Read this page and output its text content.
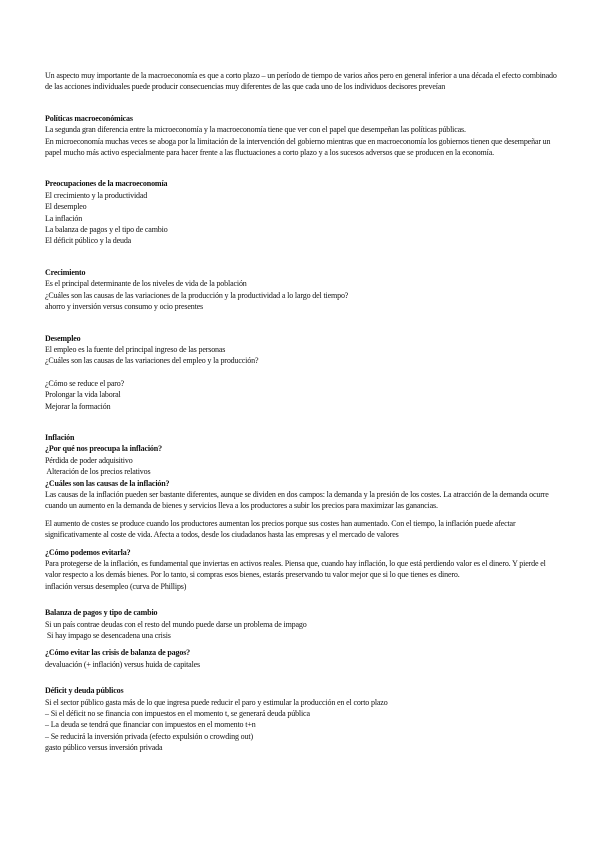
Un aspecto muy importante de la macroeconomía es que a corto plazo – un período de tiempo de varios años pero en general inferior a una década el efecto combinado de las acciones individuales puede producir consecuencias muy diferentes de las que cada uno de los individuos decisores preveían

Políticas macroeconómicas

La segunda gran diferencia entre la microeconomía y la macroeconomía tiene que ver con el papel que desempeñan las políticas públicas.

En microeconomía muchas veces se aboga por la limitación de la intervención del gobierno mientras que en macroeconomía los gobiernos tienen que desempeñar un papel mucho más activo especialmente para hacer frente a las fluctuaciones a corto plazo y a los sucesos adversos que se producen en la economía.

Preocupaciones de la macroeconomía

El crecimiento y la productividad

El desempleo

La inflación

La balanza de pagos y el tipo de cambio

El déficit público y la deuda

Crecimiento

Es el principal determinante de los niveles de vida de la población

¿Cuáles son las causas de las variaciones de la producción y la productividad a lo largo del tiempo?

ahorro y inversión versus consumo y ocio presentes

Desempleo

El empleo es la fuente del principal ingreso de las personas

¿Cuáles son las causas de las variaciones del empleo y la producción?

¿Cómo se reduce el paro?

Prolongar la vida laboral

Mejorar la formación

Inflación

¿Por qué nos preocupa la inflación?

Pérdida de poder adquisitivo

Alteración de los precios relativos

¿Cuáles son las causas de la inflación?

Las causas de la inflación pueden ser bastante diferentes, aunque se dividen en dos campos: la demanda y la presión de los costes. La atracción de la demanda ocurre cuando un aumento en la demanda de bienes y servicios lleva a los productores a subir los precios para maximizar las ganancias.

El aumento de costes se produce cuando los productores aumentan los precios porque sus costes han aumentado. Con el tiempo, la inflación puede afectar significativamente al coste de vida. Afecta a todos, desde los ciudadanos hasta las empresas y el mercado de valores

¿Cómo podemos evitarla?

Para protegerse de la inflación, es fundamental que inviertas en activos reales. Piensa que, cuando hay inflación, lo que está perdiendo valor es el dinero. Y pierde el valor respecto a los demás bienes. Por lo tanto, si compras esos bienes, estarás preservando tu valor mejor que si lo que tienes es dinero.

inflación versus desempleo (curva de Phillips)

Balanza de pagos y tipo de cambio

Si un país contrae deudas con el resto del mundo puede darse un problema de impago

Si hay impago se desencadena una crisis

¿Cómo evitar las crisis de balanza de pagos?

devaluación (+ inflación) versus huida de capitales

Déficit y deuda públicos

Si el sector público gasta más de lo que ingresa puede reducir el paro y estimular la producción en el corto plazo

– Si el déficit no se financia con impuestos en el momento t, se generará deuda pública

– La deuda se tendrá que financiar con impuestos en el momento t+n

– Se reducirá la inversión privada (efecto expulsión o crowding out)

gasto público versus inversión privada
